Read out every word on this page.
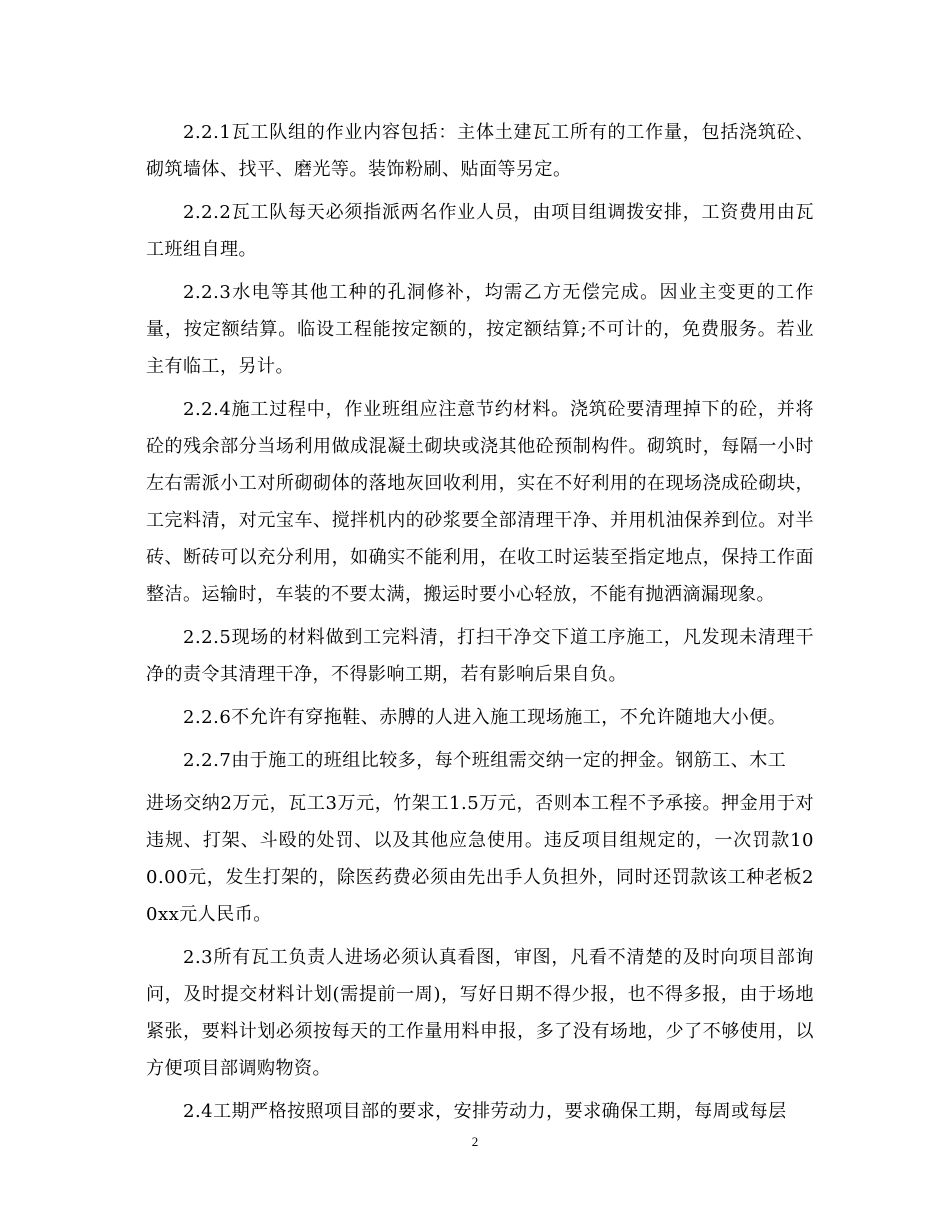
2.2.1瓦工队组的作业内容包括：主体土建瓦工所有的工作量，包括浇筑砼、砌筑墙体、找平、磨光等。装饰粉刷、贴面等另定。

2.2.2瓦工队每天必须指派两名作业人员，由项目组调拨安排，工资费用由瓦工班组自理。

2.2.3水电等其他工种的孔洞修补，均需乙方无偿完成。因业主变更的工作量，按定额结算。临设工程能按定额的，按定额结算;不可计的，免费服务。若业主有临工，另计。

2.2.4施工过程中，作业班组应注意节约材料。浇筑砼要清理掉下的砼，并将砼的残余部分当场利用做成混凝土砌块或浇其他砼预制构件。砌筑时，每隔一小时左右需派小工对所砌砌体的落地灰回收利用，实在不好利用的在现场浇成砼砌块，工完料清，对元宝车、搅拌机内的砂浆要全部清理干净、并用机油保养到位。对半砖、断砖可以充分利用，如确实不能利用，在收工时运装至指定地点，保持工作面整洁。运输时，车装的不要太满，搬运时要小心轻放，不能有抛洒滴漏现象。

2.2.5现场的材料做到工完料清，打扫干净交下道工序施工，凡发现未清理干净的责令其清理干净，不得影响工期，若有影响后果自负。

2.2.6不允许有穿拖鞋、赤膊的人进入施工现场施工，不允许随地大小便。

2.2.7由于施工的班组比较多，每个班组需交纳一定的押金。钢筋工、木工

进场交纳2万元，瓦工3万元，竹架工1.5万元，否则本工程不予承接。押金用于对违规、打架、斗殴的处罚、以及其他应急使用。违反项目组规定的，一次罚款100.00元，发生打架的，除医药费必须由先出手人负担外，同时还罚款该工种老板20xx元人民币。

2.3所有瓦工负责人进场必须认真看图，审图，凡看不清楚的及时向项目部询问，及时提交材料计划(需提前一周)，写好日期不得少报，也不得多报，由于场地紧张，要料计划必须按每天的工作量用料申报，多了没有场地，少了不够使用，以方便项目部调购物资。

2.4工期严格按照项目部的要求，安排劳动力，要求确保工期，每周或每层

2
